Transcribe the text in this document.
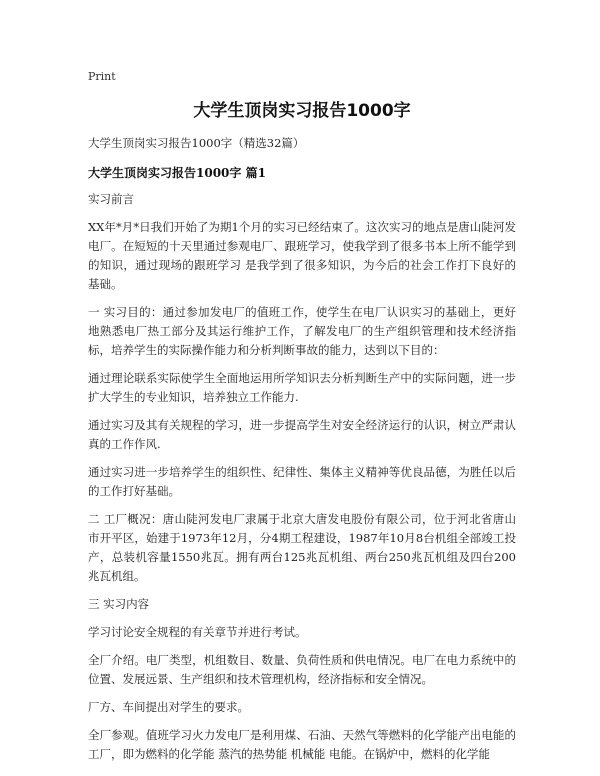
Print
大学生顶岗实习报告1000字
大学生顶岗实习报告1000字（精选32篇）
大学生顶岗实习报告1000字 篇1

实习前言

XX年*月*日我们开始了为期1个月的实习已经结束了。这次实习的地点是唐山陡河发电厂。在短短的十天里通过参观电厂、跟班学习，使我学到了很多书本上所不能学到的知识，通过现场的跟班学习 是我学到了很多知识，为今后的社会工作打下良好的基础。

一 实习目的：通过参加发电厂的值班工作，使学生在电厂认识实习的基础上，更好地熟悉电厂热工部分及其运行维护工作，了解发电厂的生产组织管理和技术经济指标，培养学生的实际操作能力和分析判断事故的能力，达到以下目的：

通过理论联系实际使学生全面地运用所学知识去分析判断生产中的实际问题，进一步扩大学生的专业知识，培养独立工作能力.

通过实习及其有关规程的学习，进一步提高学生对安全经济运行的认识，树立严肃认真的工作作风.

通过实习进一步培养学生的组织性、纪律性、集体主义精神等优良品德，为胜任以后的工作打好基础。

二 工厂概况：唐山陡河发电厂隶属于北京大唐发电股份有限公司，位于河北省唐山市开平区，始建于1973年12月，分4期工程建设，1987年10月8台机组全部竣工投产，总装机容量1550兆瓦。拥有两台125兆瓦机组、两台250兆瓦机组及四台200兆瓦机组。

三 实习内容

学习讨论安全规程的有关章节并进行考试。

全厂介绍。电厂类型，机组数目、数量、负荷性质和供电情况。电厂在电力系统中的位置、发展远景、生产组织和技术管理机构，经济指标和安全情况。

厂方、车间提出对学生的要求。

全厂参观。值班学习火力发电厂是利用煤、石油、天然气等燃料的化学能产出电能的工厂，即为燃料的化学能 蒸汽的热势能 机械能 电能。在锅炉中，燃料的化学能
